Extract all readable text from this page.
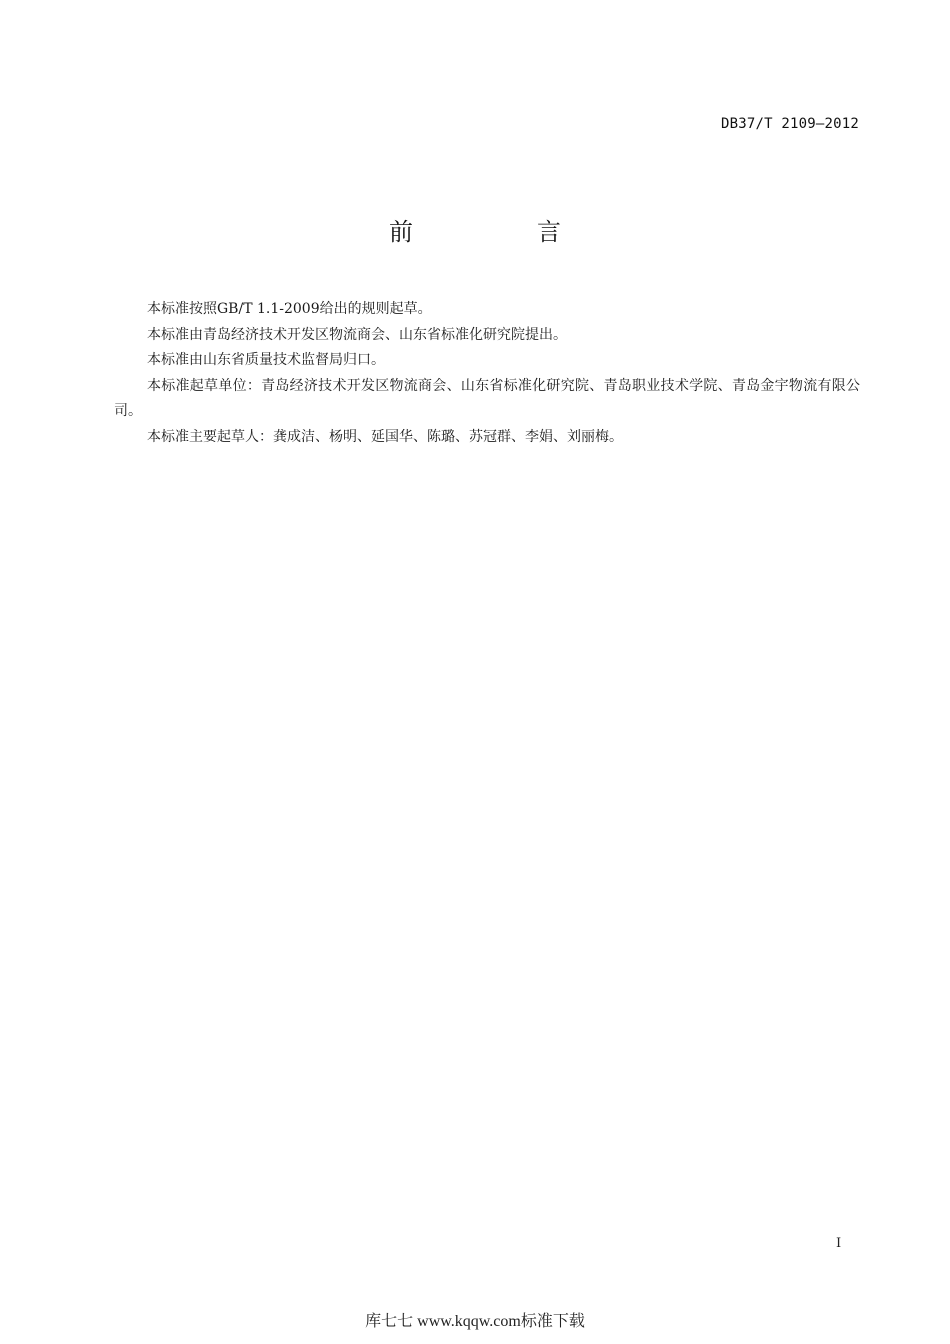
DB37/T 2109—2012
前　言

本标准按照GB/T 1.1-2009给出的规则起草。

本标准由青岛经济技术开发区物流商会、山东省标准化研究院提出。

本标准由山东省质量技术监督局归口。

本标准起草单位：青岛经济技术开发区物流商会、山东省标准化研究院、青岛职业技术学院、青岛金宇物流有限公司。

本标准主要起草人：龚成洁、杨明、延国华、陈璐、苏冠群、李娟、刘丽梅。

I
库七七 www.kqqw.com标准下载
